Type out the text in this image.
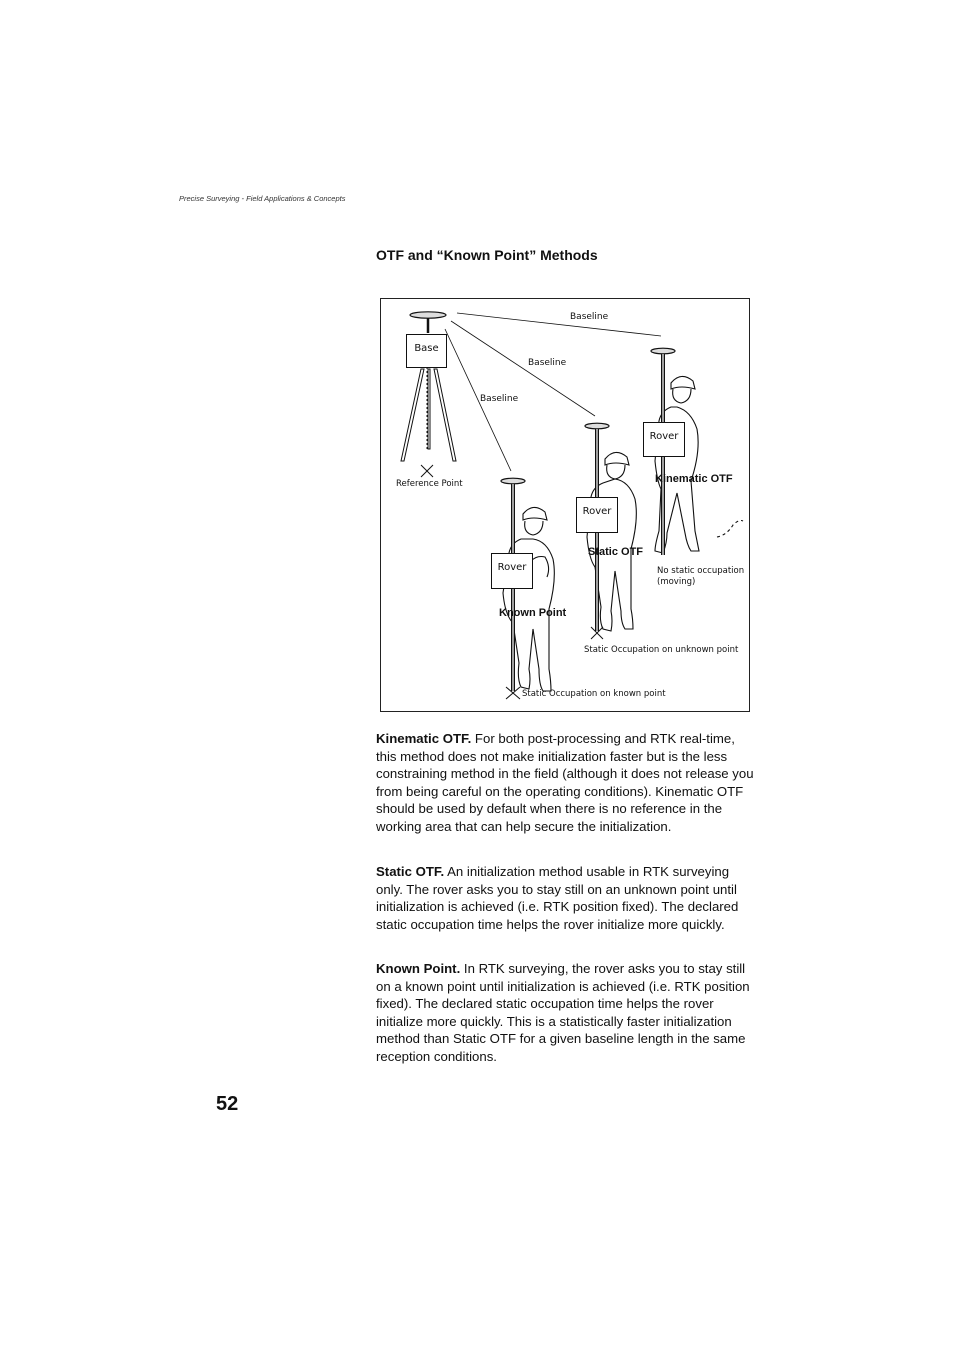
Precise Surveying - Field Applications & Concepts
OTF and “Known Point” Methods
Baseline
Baseline
Baseline
Base
Reference Point
Rover
Kinematic OTF
Rover
Static OTF
No static occupation
(moving)
Rover
Known Point
Static Occupation on unknown point
Static Occupation on known point
Kinematic OTF. For both post-processing and RTK real-time, this method does not make initialization faster but is the less constraining method in the field (although it does not release you from being careful on the operating conditions). Kinematic OTF should be used by default when there is no reference in the working area that can help secure the initialization.
Static OTF. An initialization method usable in RTK surveying only. The rover asks you to stay still on an unknown point until initialization is achieved (i.e. RTK position fixed). The declared static occupation time helps the rover initialize more quickly.
Known Point. In RTK surveying, the rover asks you to stay still on a known point until initialization is achieved (i.e. RTK position fixed). The declared static occupation time helps the rover initialize more quickly. This is a statistically faster initialization method than Static OTF for a given baseline length in the same reception conditions.
52
